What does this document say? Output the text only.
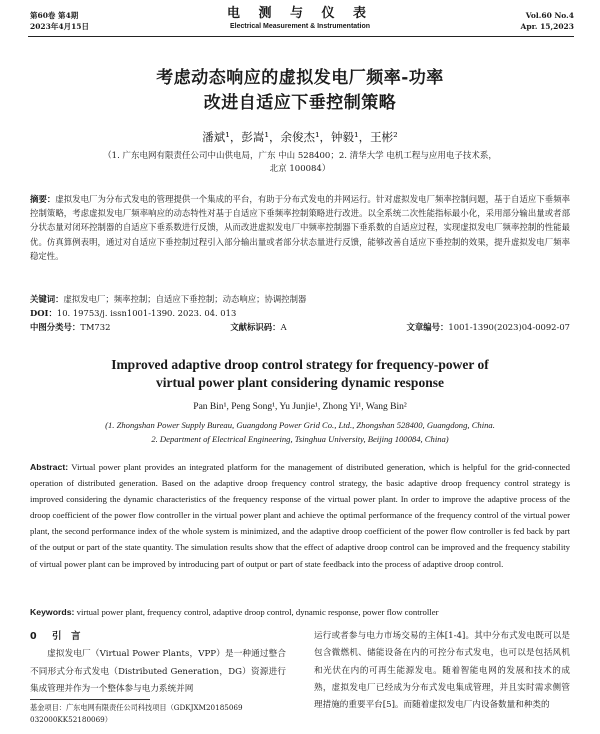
第60卷 第4期
2023年4月15日
电 测 与 仪 表
Electrical Measurement & Instrumentation
Vol.60 No.4
Apr. 15,2023
考虑动态响应的虚拟发电厂频率-功率
改进自适应下垂控制策略
潘斌¹，彭嵩¹，余俊杰¹，钟毅¹，王彬²
（1. 广东电网有限责任公司中山供电局，广东 中山 528400；2. 清华大学 电机工程与应用电子技术系，
北京 100084）
摘要：虚拟发电厂为分布式发电的管理提供一个集成的平台，有助于分布式发电的并网运行。针对虚拟发电厂频率控制问题，基于自适应下垂频率控制策略，考虑虚拟发电厂频率响应的动态特性对基于自适应下垂频率控制策略进行改进。以全系统二次性能指标最小化，采用部分输出量或者部分状态量对闭环控制器的自适应下垂系数进行反馈，从而改进虚拟发电厂中频率控制器下垂系数的自适应过程，实现虚拟发电厂频率控制的性能最优。仿真算例表明，通过对自适应下垂控制过程引入部分输出量或者部分状态量进行反馈，能够改善自适应下垂控制的效果，提升虚拟发电厂频率稳定性。
关键词：虚拟发电厂；频率控制；自适应下垂控制；动态响应；协调控制器
DOI：10. 19753/j. issn1001-1390. 2023. 04. 013
中图分类号：TM732	文献标识码：A	文章编号：1001-1390(2023)04-0092-07
Improved adaptive droop control strategy for frequency-power of
virtual power plant considering dynamic response
Pan Bin¹, Peng Song¹, Yu Junjie¹, Zhong Yi¹, Wang Bin²
(1. Zhongshan Power Supply Bureau, Guangdong Power Grid Co., Ltd., Zhongshan 528400, Guangdong, China.
2. Department of Electrical Engineering, Tsinghua University, Beijing 100084, China)
Abstract: Virtual power plant provides an integrated platform for the management of distributed generation, which is helpful for the grid-connected operation of distributed generation. Based on the adaptive droop frequency control strategy, the basic adaptive droop frequency control strategy is improved considering the dynamic characteristics of the frequency response of the virtual power plant. In order to improve the adaptive process of the droop coefficient of the power flow controller in the virtual power plant and achieve the optimal performance of the frequency control of the virtual power plant, the second performance index of the whole system is minimized, and the adaptive droop coefficient of the power flow controller is fed back by part of the output or part of the state quantity. The simulation results show that the effect of adaptive droop control can be improved and the frequency stability of virtual power plant can be improved by introducing part of output or part of state feedback into the process of adaptive droop control.
Keywords: virtual power plant, frequency control, adaptive droop control, dynamic response, power flow controller
0 引　言
虚拟发电厂（Virtual Power Plants，VPP）是一种通过整合不同形式分布式发电（Distributed Generation，DG）资源进行集成管理并作为一个整体参与电力系统并网
运行或者参与电力市场交易的主体[1-4]。其中分布式发电既可以是包含微燃机、储能设备在内的可控分布式发电，也可以是包括风机和光伏在内的可再生能源发电。随着智能电网的发展和技术的成熟，虚拟发电厂已经成为分布式发电集成管理，并且实时需求侧管理措施的重要平台[5]。而随着虚拟发电厂内设备数量和种类的
基金项目：广东电网有限责任公司科技项目（GDKJXM20185069 032000KK52180069）
